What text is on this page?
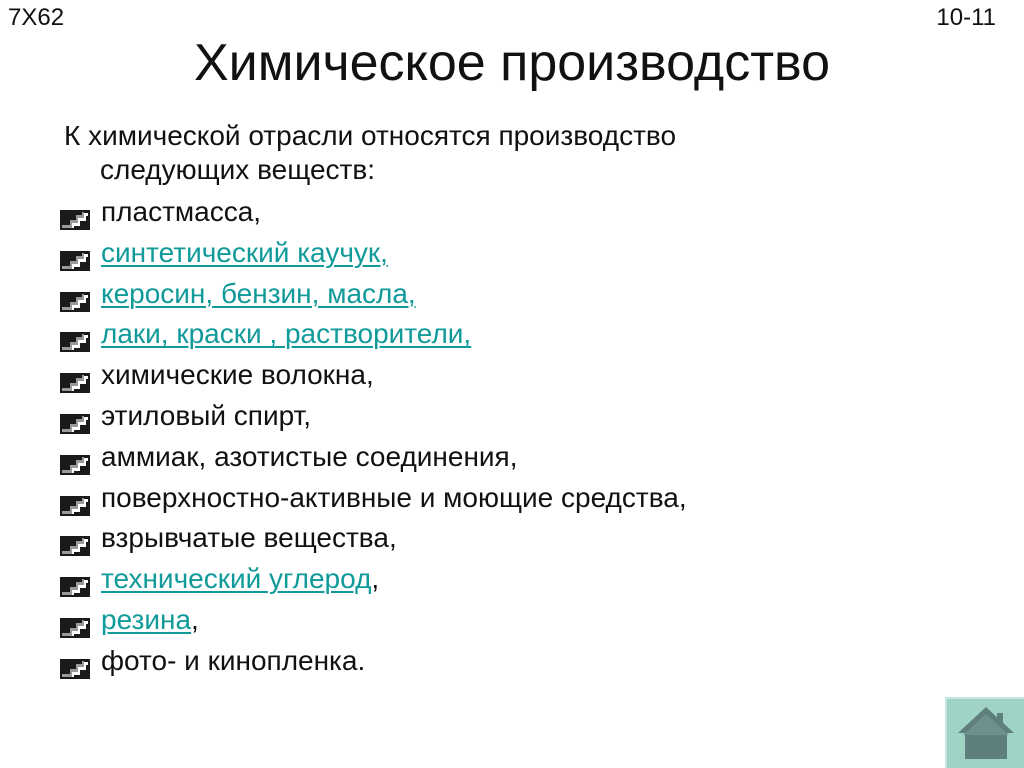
7X62	10-11
Химическое производство

К химической отрасли относятся производство
следующих веществ:

пластмасса,
синтетический каучук,
керосин, бензин, масла,
лаки, краски , растворители,
химические волокна,
этиловый спирт,
аммиак, азотистые соединения,
поверхностно-активные и моющие средства,
взрывчатые вещества,
технический углерод,
резина,
фото- и кинопленка.
